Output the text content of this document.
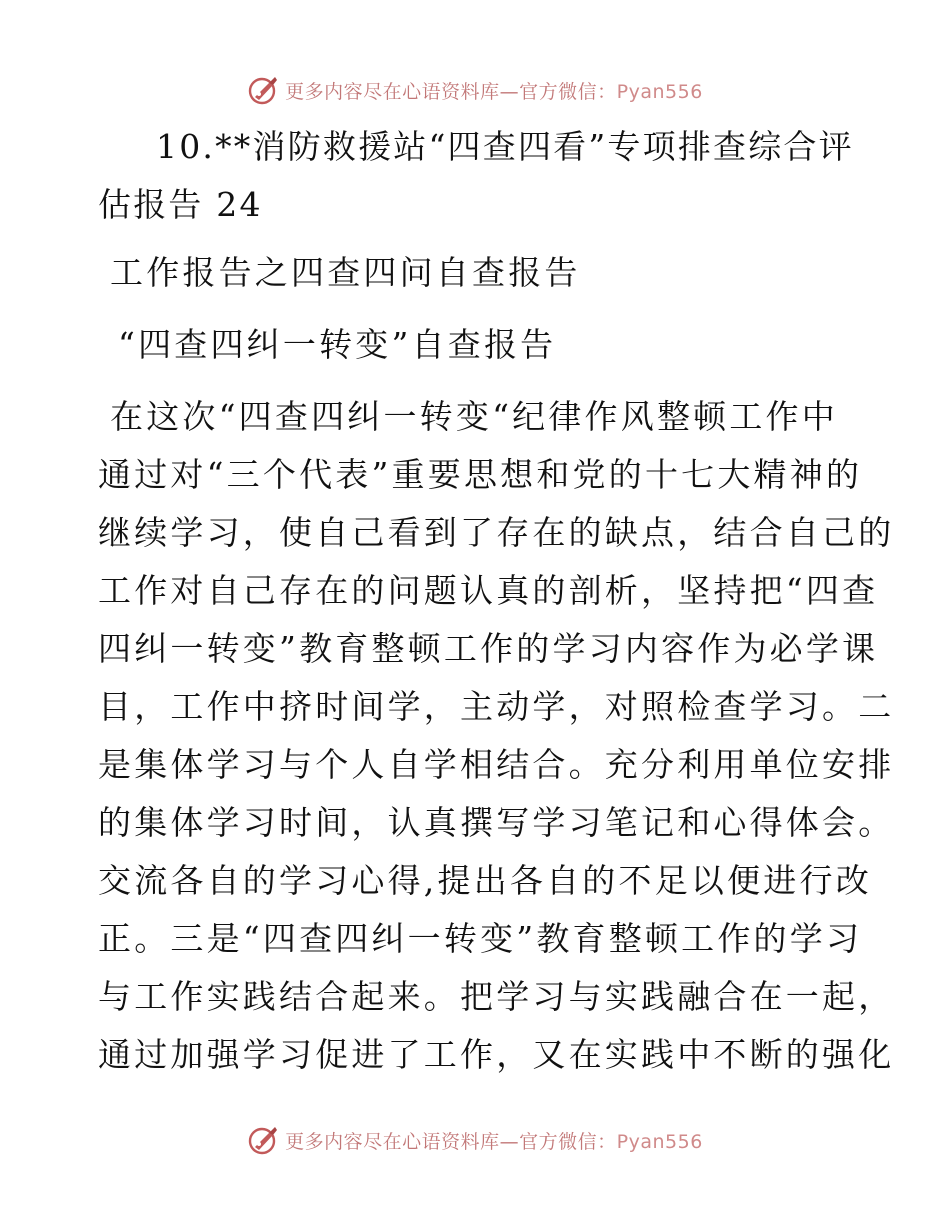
更多内容尽在心语资料库—官方微信：Pyan556
10.**消防救援站“四查四看”专项排查综合评
估报告 24
工作报告之四查四问自查报告
“四查四纠一转变”自查报告
在这次“四查四纠一转变“纪律作风整顿工作中
通过对“三个代表”重要思想和党的十七大精神的
继续学习，使自己看到了存在的缺点，结合自己的
工作对自己存在的问题认真的剖析，坚持把“四查
四纠一转变”教育整顿工作的学习内容作为必学课
目，工作中挤时间学，主动学，对照检查学习。二
是集体学习与个人自学相结合。充分利用单位安排
的集体学习时间，认真撰写学习笔记和心得体会。
交流各自的学习心得,提出各自的不足以便进行改
正。三是“四查四纠一转变”教育整顿工作的学习
与工作实践结合起来。把学习与实践融合在一起，
通过加强学习促进了工作，又在实践中不断的强化
更多内容尽在心语资料库—官方微信：Pyan556
